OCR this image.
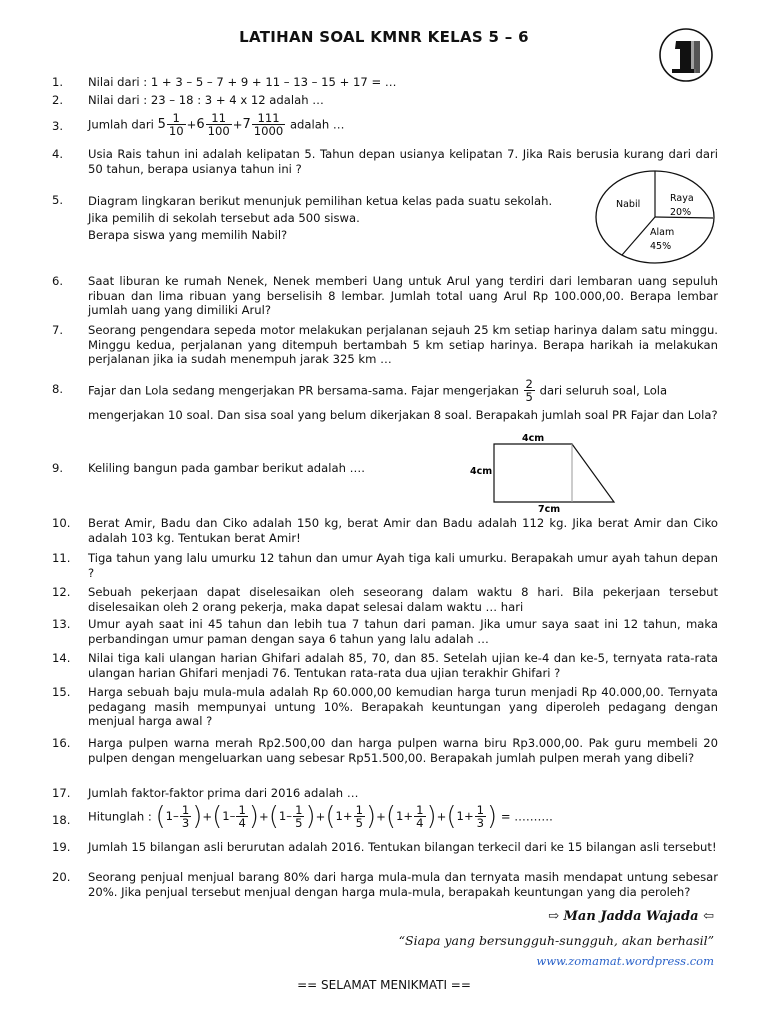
LATIHAN SOAL KMNR KELAS 5 – 6
1.	Nilai dari : 1 + 3 – 5 – 7 + 9 + 11 – 13 – 15 + 17 = …
2.	Nilai dari : 23 – 18 : 3 + 4 x 12 adalah …
3.	Jumlah dari $5 \frac{1}{10} +6 \frac{11}{100} +7 \frac{111}{1000}$ adalah …
4.	Usia Rais tahun ini adalah kelipatan 5. Tahun depan usianya kelipatan 7. Jika Rais berusia kurang dari dari 50 tahun, berapa usianya tahun ini ?
5.	Diagram lingkaran berikut menunjuk pemilihan ketua kelas pada suatu sekolah.
Jika pemilih di sekolah tersebut ada 500 siswa.
Berapa siswa yang memilih Nabil?
Nabil
Raya
20%
Alam
45%
6.	Saat liburan ke rumah Nenek, Nenek memberi Uang untuk Arul yang terdiri dari lembaran uang sepuluh ribuan dan lima ribuan yang berselisih 8 lembar. Jumlah total uang Arul Rp 100.000,00. Berapa lembar jumlah uang yang dimiliki Arul?
7.	Seorang pengendara sepeda motor melakukan perjalanan sejauh 25 km setiap harinya dalam satu minggu. Minggu kedua, perjalanan yang ditempuh bertambah 5 km setiap harinya. Berapa harikah ia melakukan perjalanan jika ia sudah menempuh jarak 325 km …
8.	Fajar dan Lola sedang mengerjakan PR bersama-sama. Fajar mengerjakan $\frac{2}{5}$ dari seluruh soal, Lola
mengerjakan 10 soal. Dan sisa soal yang belum dikerjakan 8 soal. Berapakah jumlah soal PR Fajar dan Lola?
4cm
4cm
7cm
9.	Keliling bangun pada gambar berikut adalah ….
10.	Berat Amir, Badu dan Ciko adalah 150 kg, berat Amir dan Badu adalah 112 kg. Jika berat Amir dan Ciko adalah 103 kg. Tentukan berat Amir!
11.	Tiga tahun yang lalu umurku 12 tahun dan umur Ayah tiga kali umurku. Berapakah umur ayah tahun depan ?
12.	Sebuah pekerjaan dapat diselesaikan oleh seseorang dalam waktu 8 hari. Bila pekerjaan tersebut diselesaikan oleh 2 orang pekerja, maka dapat selesai dalam waktu … hari
13.	Umur ayah saat ini 45 tahun dan lebih tua 7 tahun dari paman. Jika umur saya saat ini 12 tahun, maka perbandingan umur paman dengan saya 6 tahun yang lalu adalah …
14.	Nilai tiga kali ulangan harian Ghifari adalah 85, 70, dan 85. Setelah ujian ke-4 dan ke-5, ternyata rata-rata ulangan harian Ghifari menjadi 76. Tentukan rata-rata dua ujian terakhir Ghifari ?
15.	Harga sebuah baju mula-mula adalah Rp 60.000,00 kemudian harga turun menjadi Rp 40.000,00. Ternyata pedagang masih mempunyai untung 10%. Berapakah keuntungan yang diperoleh pedagang dengan menjual harga awal ?
16.	Harga pulpen warna merah Rp2.500,00 dan harga pulpen warna biru Rp3.000,00. Pak guru membeli 20 pulpen dengan mengeluarkan uang sebesar Rp51.500,00. Berapakah jumlah pulpen merah yang dibeli?
17.	Jumlah faktor-faktor prima dari 2016 adalah …
18.	Hitunglah : $(1- \frac{1}{3} )+(1- \frac{1}{4} )+(1- \frac{1}{5} )+(1+ \frac{1}{5} )+(1+ \frac{1}{4} )+(1+ \frac{1}{3}$ ) = ……….
19.	Jumlah 15 bilangan asli berurutan adalah 2016. Tentukan bilangan terkecil dari ke 15 bilangan asli tersebut!
20.	Seorang penjual menjual barang 80% dari harga mula-mula dan ternyata masih mendapat untung sebesar 20%. Jika penjual tersebut menjual dengan harga mula-mula, berapakah keuntungan yang dia peroleh?
⇨ Man Jadda Wajada ⇦
“Siapa yang bersungguh-sungguh, akan berhasil”
www.zomamat.wordpress.com
== SELAMAT MENIKMATI ==
